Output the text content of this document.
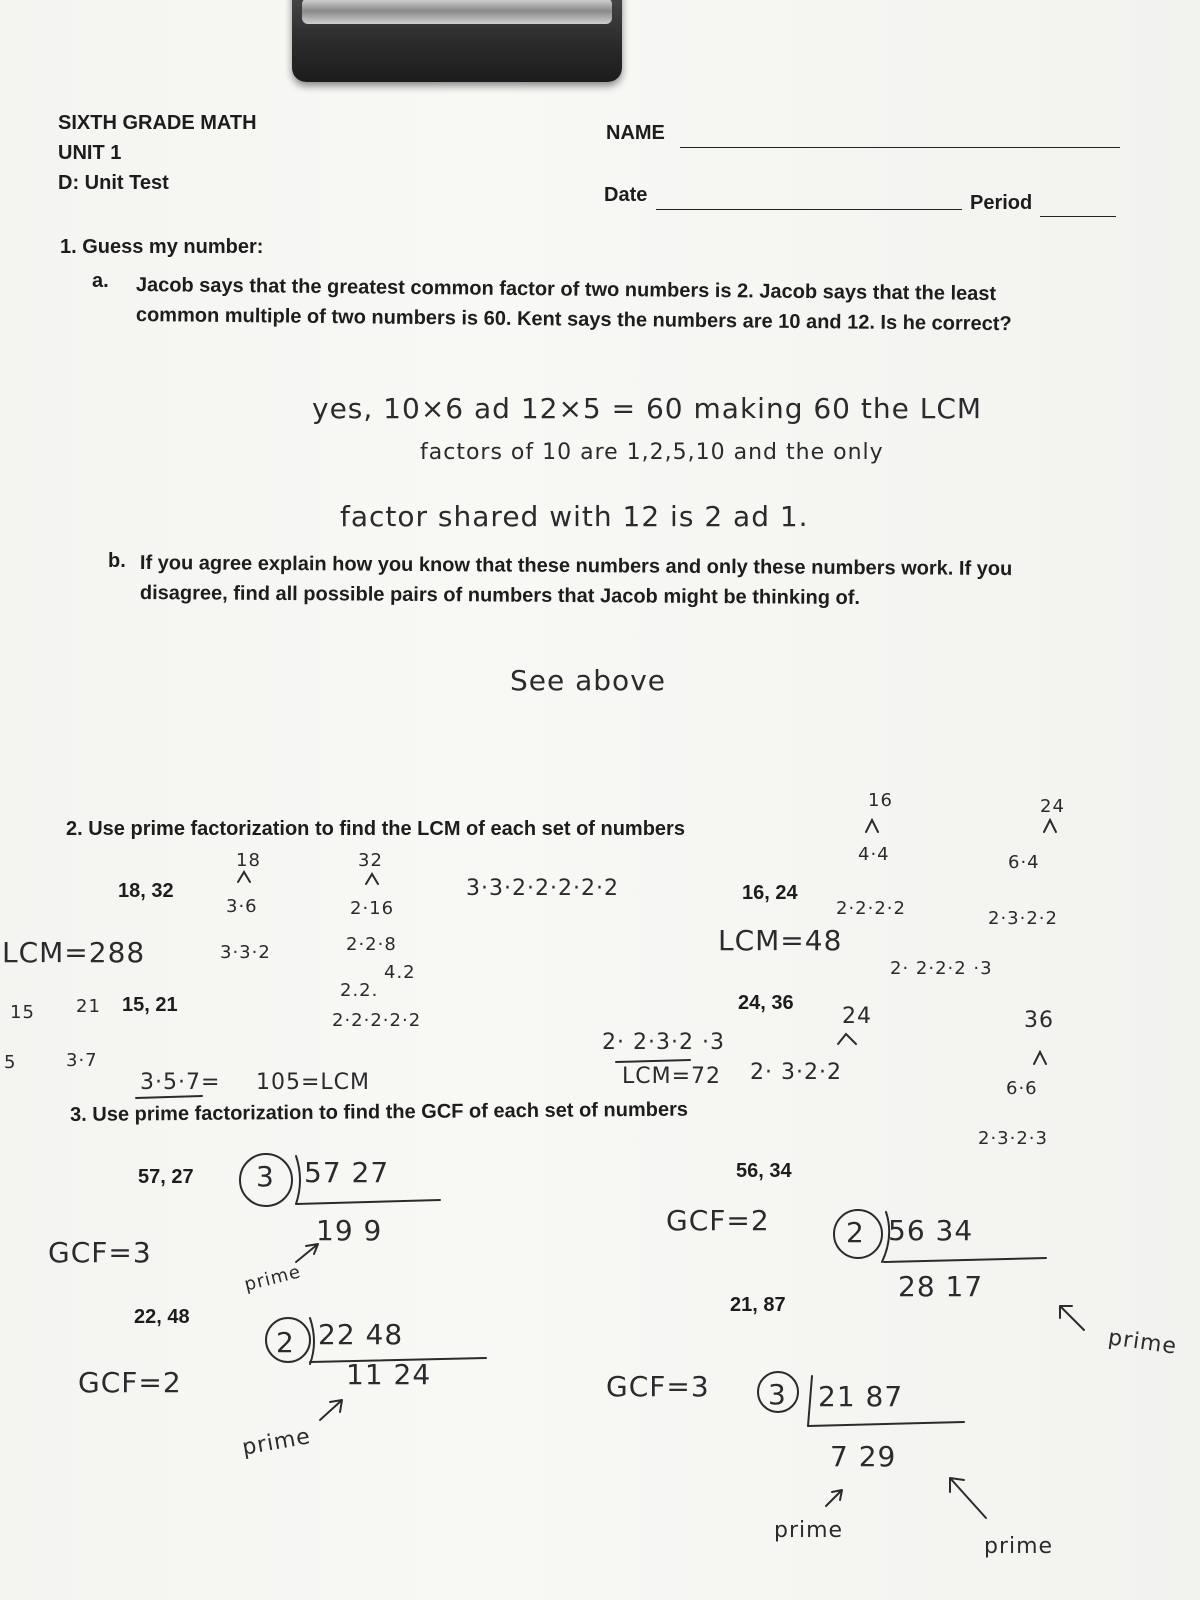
SIXTH GRADE MATH
UNIT 1
D: Unit Test
NAME
Date	Period
1. Guess my number:
a. Jacob says that the greatest common factor of two numbers is 2. Jacob says that the least
common multiple of two numbers is 60. Kent says the numbers are 10 and 12. Is he correct?
yes, 10×6 ad 12×5 = 60 making 60 the LCM
factors of 10 are 1,2,5,10 and the only
factor shared with 12 is 2 ad 1.
b. If you agree explain how you know that these numbers and only these numbers work. If you
disagree, find all possible pairs of numbers that Jacob might be thinking of.
See above
2. Use prime factorization to find the LCM of each set of numbers
18, 32
18	32
3·6	2·16
3·3·2	2·2·8
4.2
2.2.
2·2·2·2·2
3·3·2·2·2·2·2
LCM=288
16, 24
16
4·4
2·2·2·2
24
6·4
2·3·2·2
2· 2·2·2 ·3
LCM=48
15, 21
15 21
5	3·7
3·5·7= 105=LCM
24, 36
24
2· 2·3·2 ·3
36
6·6
2·3·2·3
2· 3·2·2
LCM=72
3. Use prime factorization to find the GCF of each set of numbers
57, 27 3 57 27
19 9
prime
GCF=3
56, 34
2 56 34
28 17
prime
GCF=2
22, 48
2 22 48
11 24
prime
GCF=2
21, 87
3 21 87
7 29
prime
prime
GCF=3
